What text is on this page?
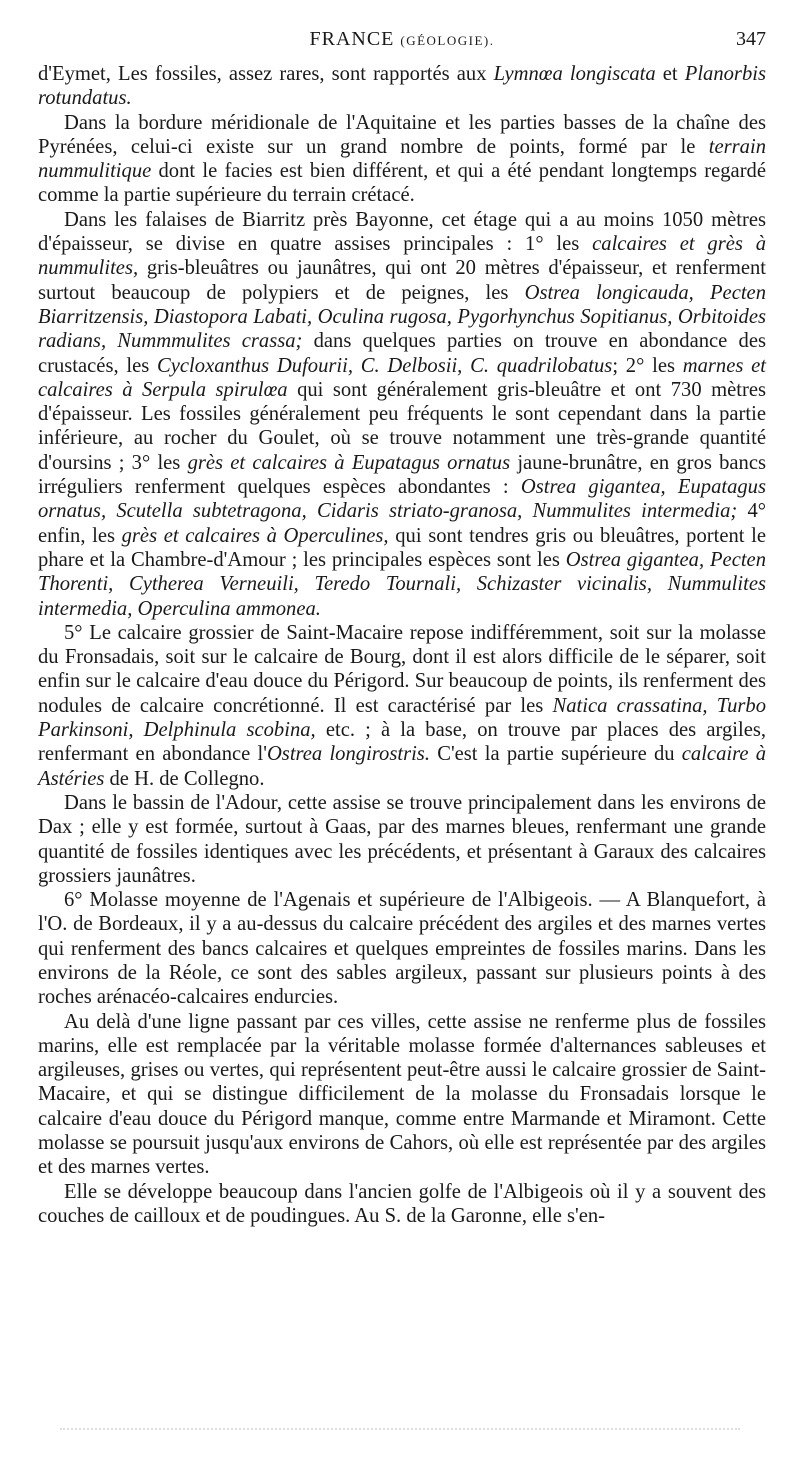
FRANCE (GÉOLOGIE).	347

d'Eymet, Les fossiles, assez rares, sont rapportés aux Lymnœa longiscata et Planorbis rotundatus.

Dans la bordure méridionale de l'Aquitaine et les parties basses de la chaîne des Pyrénées, celui-ci existe sur un grand nombre de points, formé par le terrain nummulitique dont le facies est bien différent, et qui a été pendant longtemps regardé comme la partie supérieure du terrain crétacé.

Dans les falaises de Biarritz près Bayonne, cet étage qui a au moins 1050 mètres d'épaisseur, se divise en quatre assises principales : 1° les calcaires et grès à nummulites, gris-bleuâtres ou jaunâtres, qui ont 20 mètres d'épaisseur, et renferment surtout beaucoup de polypiers et de peignes, les Ostrea longicauda, Pecten Biarritzensis, Diastopora Labati, Oculina rugosa, Pygorhynchus Sopitianus, Orbitoides radians, Nummmulites crassa; dans quelques parties on trouve en abondance des crustacés, les Cycloxanthus Dufourii, C. Delbosii, C. quadrilobatus; 2° les marnes et calcaires à Serpula spirulœa qui sont généralement gris-bleuâtre et ont 730 mètres d'épaisseur. Les fossiles généralement peu fréquents le sont cependant dans la partie inférieure, au rocher du Goulet, où se trouve notamment une très-grande quantité d'oursins ; 3° les grès et calcaires à Eupatagus ornatus jaune-brunâtre, en gros bancs irréguliers renferment quelques espèces abondantes : Ostrea gigantea, Eupatagus ornatus, Scutella subtetragona, Cidaris striato-granosa, Nummulites intermedia; 4° enfin, les grès et calcaires à Operculines, qui sont tendres gris ou bleuâtres, portent le phare et la Chambre-d'Amour ; les principales espèces sont les Ostrea gigantea, Pecten Thorenti, Cytherea Verneuili, Teredo Tournali, Schizaster vicinalis, Nummulites intermedia, Operculina ammonea.

5° Le calcaire grossier de Saint-Macaire repose indifféremment, soit sur la molasse du Fronsadais, soit sur le calcaire de Bourg, dont il est alors difficile de le séparer, soit enfin sur le calcaire d'eau douce du Périgord. Sur beaucoup de points, ils renferment des nodules de calcaire concrétionné. Il est caractérisé par les Natica crassatina, Turbo Parkinsoni, Delphinula scobina, etc. ; à la base, on trouve par places des argiles, renfermant en abondance l'Ostrea longirostris. C'est la partie supérieure du calcaire à Astéries de H. de Collegno.

Dans le bassin de l'Adour, cette assise se trouve principalement dans les environs de Dax ; elle y est formée, surtout à Gaas, par des marnes bleues, renfermant une grande quantité de fossiles identiques avec les précédents, et présentant à Garaux des calcaires grossiers jaunâtres.

6° Molasse moyenne de l'Agenais et supérieure de l'Albigeois. — A Blanquefort, à l'O. de Bordeaux, il y a au-dessus du calcaire précédent des argiles et des marnes vertes qui renferment des bancs calcaires et quelques empreintes de fossiles marins. Dans les environs de la Réole, ce sont des sables argileux, passant sur plusieurs points à des roches arénacéo-calcaires endurcies.

Au delà d'une ligne passant par ces villes, cette assise ne renferme plus de fossiles marins, elle est remplacée par la véritable molasse formée d'alternances sableuses et argileuses, grises ou vertes, qui représentent peut-être aussi le calcaire grossier de Saint-Macaire, et qui se distingue difficilement de la molasse du Fronsadais lorsque le calcaire d'eau douce du Périgord manque, comme entre Marmande et Miramont. Cette molasse se poursuit jusqu'aux environs de Cahors, où elle est représentée par des argiles et des marnes vertes.

Elle se développe beaucoup dans l'ancien golfe de l'Albigeois où il y a souvent des couches de cailloux et de poudingues. Au S. de la Garonne, elle s'en-
